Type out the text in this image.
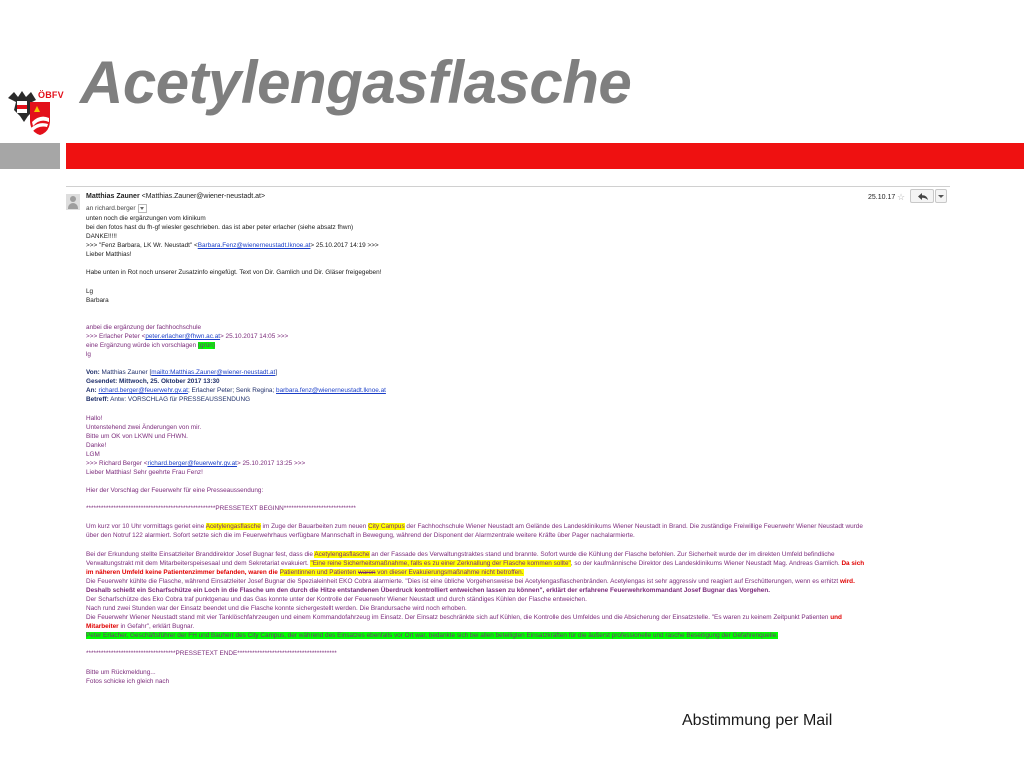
Acetylengasflasche
ÖBFV
Matthias Zauner <Matthias.Zauner@wiener-neustadt.at>
an richard.berger
25.10.17 ☆

unten noch die ergänzungen vom klinikum

bei den fotos hast du fh-gf wiesler geschrieben. das ist aber peter erlacher (siehe absatz fhwn)

DANKE!!!!!

>>> "Fenz Barbara, LK Wr. Neustadt" <Barbara.Fenz@wienerneustadt.lknoe.at> 25.10.2017 14:19 >>>

Lieber Matthias!

Habe unten in Rot noch unserer Zusatzinfo eingefügt. Text von Dir. Gamlich und Dir. Gläser freigegeben!

Lg

Barbara

anbei die ergänzung der fachhochschule

>>> Erlacher Peter <peter.erlacher@fhwn.ac.at> 25.10.2017 14:05 >>>

eine Ergänzung würde ich vorschlagen (grün)

lg

Von: Matthias Zauner [mailto:Matthias.Zauner@wiener-neustadt.at]

Gesendet: Mittwoch, 25. Oktober 2017 13:30

An: richard.berger@feuerwehr.gv.at; Erlacher Peter; Senk Regina; barbara.fenz@wienerneustadt.lknoe.at

Betreff: Antw: VORSCHLAG für PRESSEAUSSENDUNG

Hallo!

Untenstehend zwei Änderungen von mir.

Bitte um OK von LKWN und FHWN.

Danke!

LGM

>>> Richard Berger <richard.berger@feuerwehr.gv.at> 25.10.2017 13:25 >>>

Lieber Matthias! Sehr geehrte Frau Fenz!

Hier der Vorschlag der Feuerwehr für eine Presseaussendung:

****************************************************PRESSETEXT BEGINN*****************************

Um kurz vor 10 Uhr vormittags geriet eine Acetylengasflasche im Zuge der Bauarbeiten zum neuen City Campus der Fachhochschule Wiener Neustadt am Gelände des Landesklinikums Wiener Neustadt in Brand. Die zuständige Freiwillige Feuerwehr Wiener Neustadt wurde

über den Notruf 122 alarmiert. Sofort setzte sich die im Feuerwehrhaus verfügbare Mannschaft in Bewegung, während der Disponent der Alarmzentrale weitere Kräfte über Pager nachalarmierte.

Bei der Erkundung stellte Einsatzleiter Branddirektor Josef Bugnar fest, dass die Acetylengasflasche an der Fassade des Verwaltungstraktes stand und brannte. Sofort wurde die Kühlung der Flasche befohlen. Zur Sicherheit wurde der im direkten Umfeld befindliche

Verwaltungstrakt mit dem Mitarbeiterspeisesaal und dem Sekretariat evakuiert. "Eine reine Sicherheitsmaßnahme, falls es zu einer Zerknallung der Flasche kommen sollte", so der kaufmännische Direktor des Landesklinikums Wiener Neustadt Mag. Andreas Gamlich. Da sich

im näheren Umfeld keine Patientenzimmer befanden, waren die Patientinnen und Patienten waren von dieser Evakuierungsmaßnahme nicht betroffen.

Die Feuerwehr kühlte die Flasche, während Einsatzleiter Josef Bugnar die Spezialeinheit EKO Cobra alarmierte. "Dies ist eine übliche Vorgehensweise bei Acetylengasflaschenbränden. Acetylengas ist sehr aggressiv und reagiert auf Erschütterungen, wenn es erhitzt wird.

Deshalb schießt ein Scharfschütze ein Loch in die Flasche um den durch die Hitze entstandenen Überdruck kontrolliert entweichen lassen zu können", erklärt der erfahrene Feuerwehrkommandant Josef Bugnar das Vorgehen.

Der Scharfschütze des Eko Cobra traf punktgenau und das Gas konnte unter der Kontrolle der Feuerwehr Wiener Neustadt und durch ständiges Kühlen der Flasche entweichen.

Nach rund zwei Stunden war der Einsatz beendet und die Flasche konnte sichergestellt werden. Die Brandursache wird noch erhoben.

Die Feuerwehr Wiener Neustadt stand mit vier Tanklöschfahrzeugen und einem Kommandofahrzeug im Einsatz. Der Einsatz beschränkte sich auf Kühlen, die Kontrolle des Umfeldes und die Absicherung der Einsatzstelle. "Es waren zu keinem Zeitpunkt Patienten und

Mitarbeiter in Gefahr", erklärt Bugnar.

Peter Erlacher, Geschäftsführer der FH und Bauherr des City Campus, der während des Einsatzes ebenfalls vor Ort war, bedankte sich bei allen beteiligten Einsatzkräften für die äußerst professionelle und rasche Beseitigung der Gefahrenquelle.

************************************PRESSETEXT ENDE****************************************

Bitte um Rückmeldung...

Fotos schicke ich gleich nach

Abstimmung per Mail
